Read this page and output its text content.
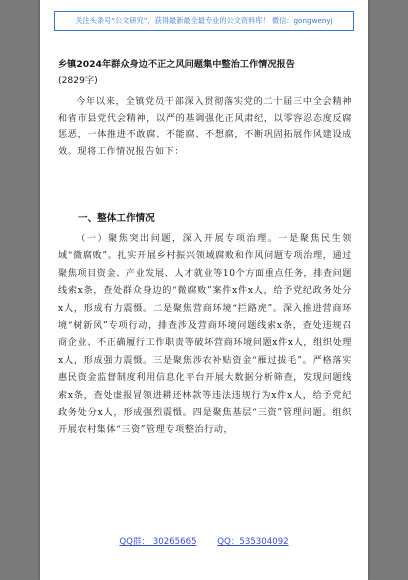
关注头条号“公文研究”，获得最新最全最专业的公文资料库！ 微信：gongwenyj
乡镇2024年群众身边不正之风问题集中整治工作情况报告
(2829字)

今年以来，全镇党员干部深入贯彻落实党的二十届三中全会精神和省市县党代会精神，以严的基调强化正风肃纪，以零容忍态度反腐惩恶，一体推进不敢腐、不能腐、不想腐，不断巩固拓展作风建设成效。现将工作情况报告如下：

一、整体工作情况

（一）聚焦突出问题，深入开展专项治理。一是聚焦民生领域“微腐败”。扎实开展乡村振兴领域腐败和作风问题专项治理，通过聚焦项目资金、产业发展、人才就业等10个方面重点任务，排查问题线索x条，查处群众身边的“微腐败”案件x件x人，给予党纪政务处分x人，形成有力震慑。二是聚焦营商环境“拦路虎”。深入推进营商环境“树新风”专项行动，排查涉及营商环境问题线索x条，查处违规召商企业、不正确履行工作职责等破坏营商环境问题x件x人，组织处理x人，形成强力震慑。三是聚焦涉农补贴资金“雁过拔毛”。严格落实惠民资金监督制度利用信息化平台开展大数据分析筛查，发现问题线索x条，查处虚报冒领进耕还林款等违法违规行为x件x人，给予党纪政务处分x人，形成强烈震慑。四是聚焦基层“三资”管理问题。组织开展农村集体“三资”管理专项整治行动，

QQ群： 30265665 QQ：535304092
